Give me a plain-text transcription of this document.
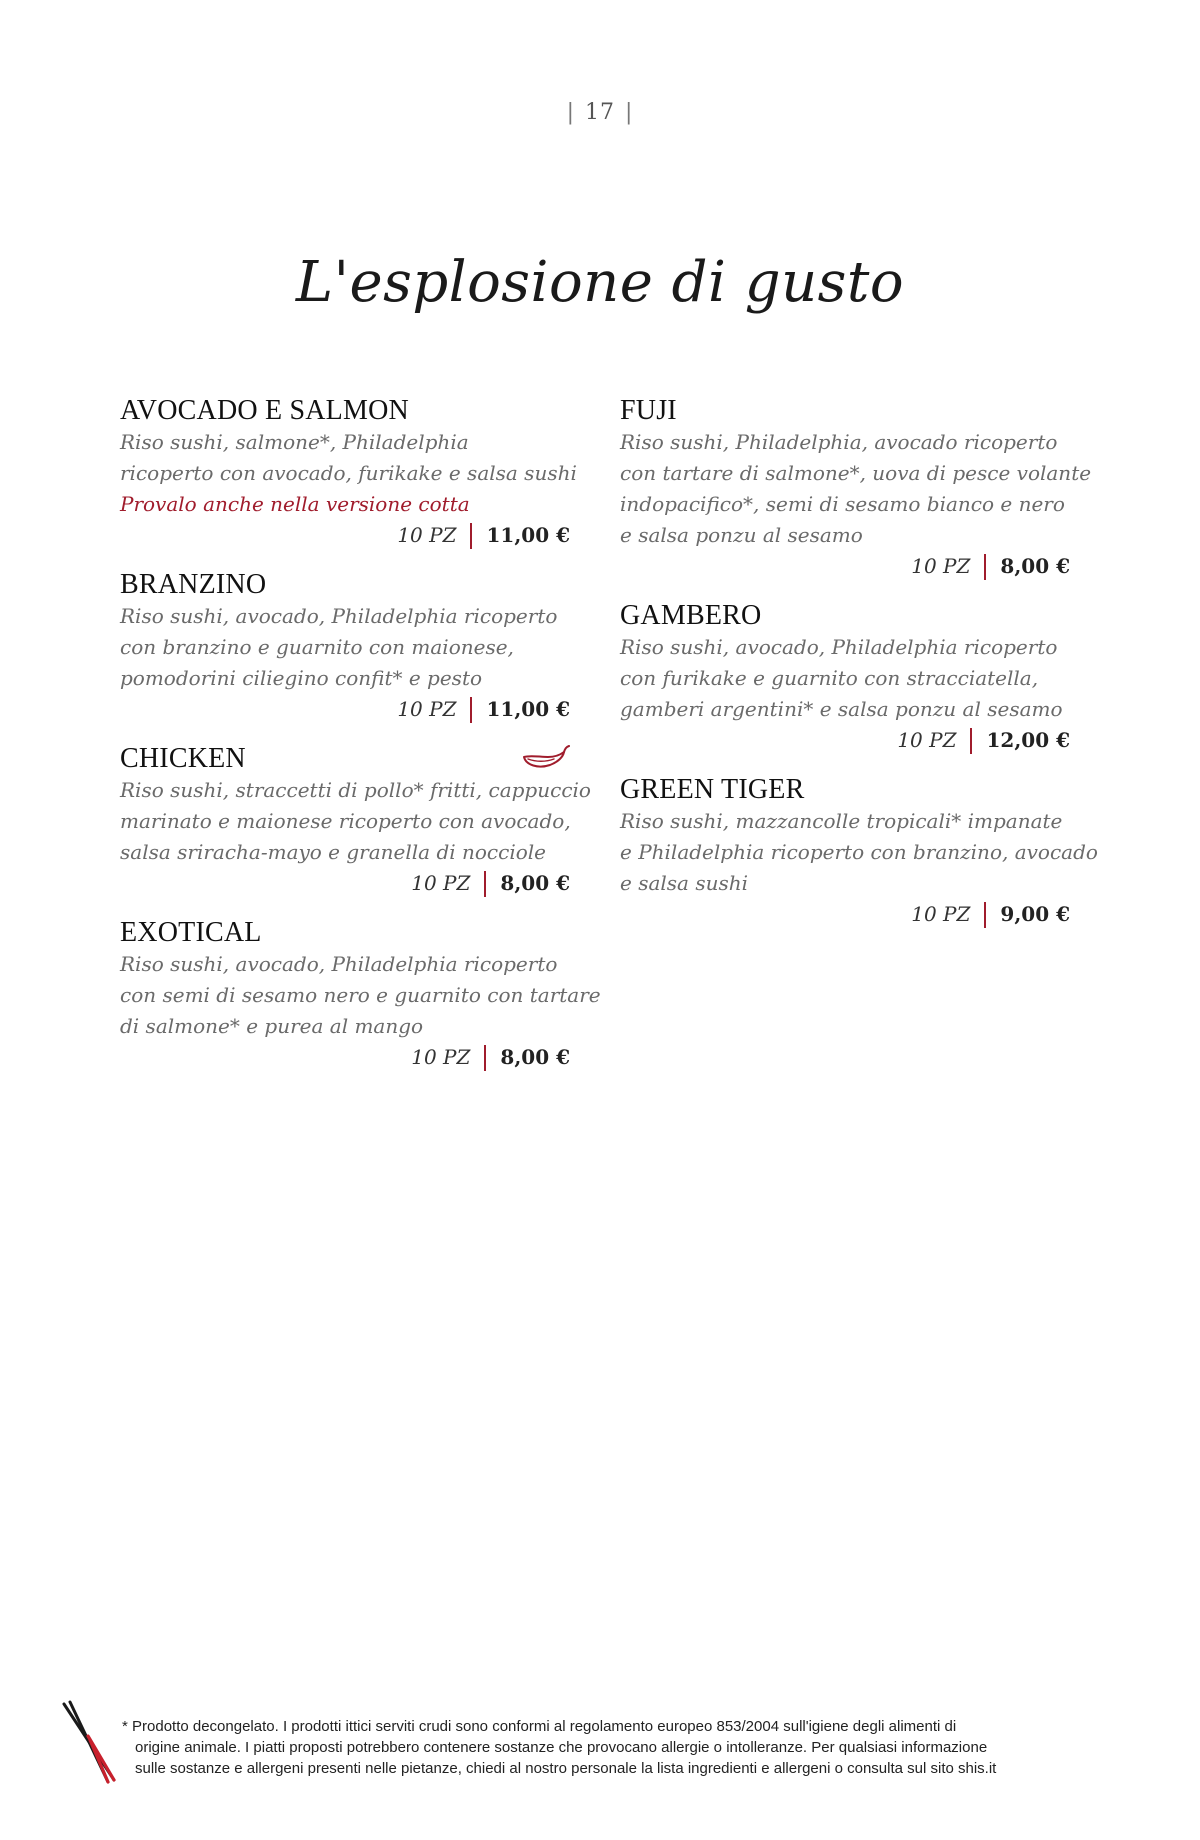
| 17 |
L'esplosione di gusto
AVOCADO E SALMON
Riso sushi, salmone*, Philadelphia
ricoperto con avocado, furikake e salsa sushi
Provalo anche nella versione cotta
10 PZ 11,00 €
BRANZINO
Riso sushi, avocado, Philadelphia ricoperto
con branzino e guarnito con maionese,
pomodorini ciliegino confit* e pesto
10 PZ 11,00 €
CHICKEN
Riso sushi, straccetti di pollo* fritti, cappuccio
marinato e maionese ricoperto con avocado,
salsa sriracha-mayo e granella di nocciole
10 PZ 8,00 €
EXOTICAL
Riso sushi, avocado, Philadelphia ricoperto
con semi di sesamo nero e guarnito con tartare
di salmone* e purea al mango
10 PZ 8,00 €
FUJI
Riso sushi, Philadelphia, avocado ricoperto
con tartare di salmone*, uova di pesce volante
indopacifico*, semi di sesamo bianco e nero
e salsa ponzu al sesamo
10 PZ 8,00 €
GAMBERO
Riso sushi, avocado, Philadelphia ricoperto
con furikake e guarnito con stracciatella,
gamberi argentini* e salsa ponzu al sesamo
10 PZ 12,00 €
GREEN TIGER
Riso sushi, mazzancolle tropicali* impanate
e Philadelphia ricoperto con branzino, avocado
e salsa sushi
10 PZ 9,00 €
* Prodotto decongelato. I prodotti ittici serviti crudi sono conformi al regolamento europeo 853/2004 sull'igiene degli alimenti di
origine animale. I piatti proposti potrebbero contenere sostanze che provocano allergie o intolleranze. Per qualsiasi informazione
sulle sostanze e allergeni presenti nelle pietanze, chiedi al nostro personale la lista ingredienti e allergeni o consulta sul sito shis.it
